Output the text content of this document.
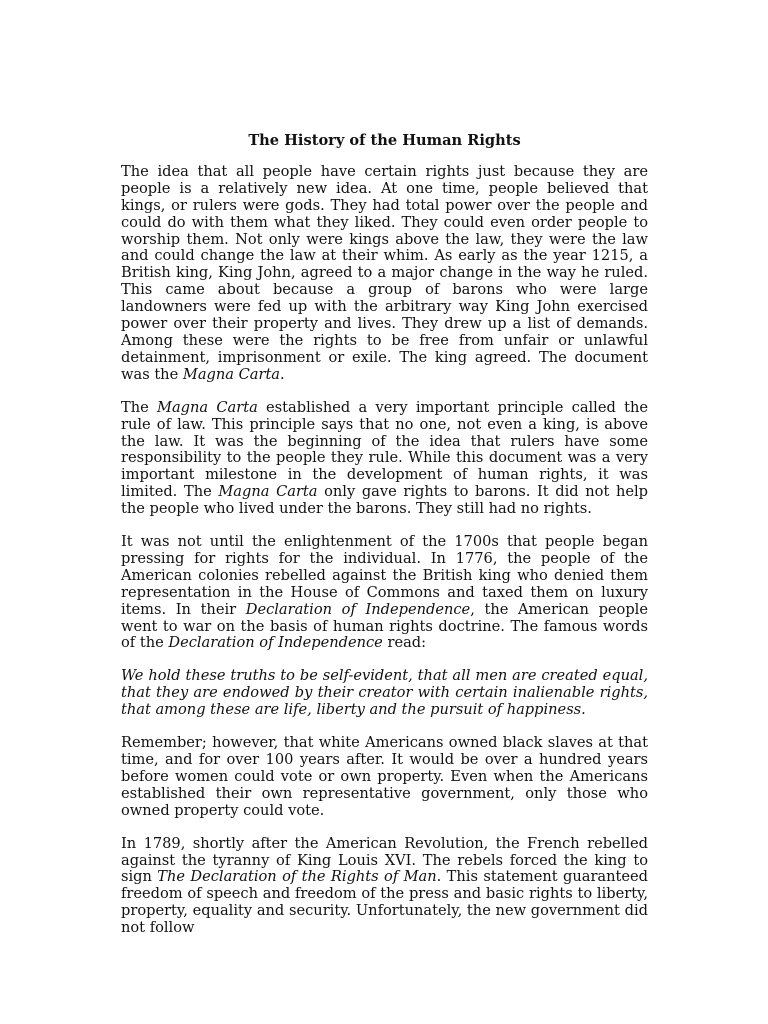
The History of the Human Rights

The idea that all people have certain rights just because they are people is a relatively new idea. At one time, people believed that kings, or rulers were gods. They had total power over the people and could do with them what they liked. They could even order people to worship them. Not only were kings above the law, they were the law and could change the law at their whim. As early as the year 1215, a British king, King John, agreed to a major change in the way he ruled. This came about because a group of barons who were large landowners were fed up with the arbitrary way King John exercised power over their property and lives. They drew up a list of demands. Among these were the rights to be free from unfair or unlawful detainment, imprisonment or exile. The king agreed. The document was the Magna Carta.

The Magna Carta established a very important principle called the rule of law. This principle says that no one, not even a king, is above the law. It was the beginning of the idea that rulers have some responsibility to the people they rule. While this document was a very important milestone in the development of human rights, it was limited. The Magna Carta only gave rights to barons. It did not help the people who lived under the barons. They still had no rights.

It was not until the enlightenment of the 1700s that people began pressing for rights for the individual. In 1776, the people of the American colonies rebelled against the British king who denied them representation in the House of Commons and taxed them on luxury items. In their Declaration of Independence, the American people went to war on the basis of human rights doctrine. The famous words of the Declaration of Independence read:

We hold these truths to be self-evident, that all men are created equal, that they are endowed by their creator with certain inalienable rights, that among these are life, liberty and the pursuit of happiness.

Remember; however, that white Americans owned black slaves at that time, and for over 100 years after. It would be over a hundred years before women could vote or own property. Even when the Americans established their own representative government, only those who owned property could vote.

In 1789, shortly after the American Revolution, the French rebelled against the tyranny of King Louis XVI. The rebels forced the king to sign The Declaration of the Rights of Man. This statement guaranteed freedom of speech and freedom of the press and basic rights to liberty, property, equality and security. Unfortunately, the new government did not follow
